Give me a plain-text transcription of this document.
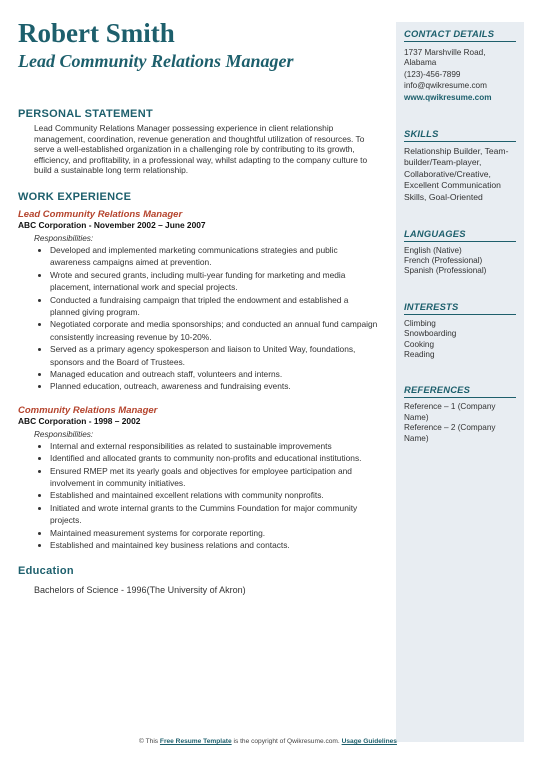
Robert Smith
Lead Community Relations Manager
PERSONAL STATEMENT
Lead Community Relations Manager possessing experience in client relationship management, coordination, revenue generation and thoughtful utilization of resources. To serve a well-established organization in a challenging role by contributing to its growth, efficiency, and profitability, in a professional way, whilst adapting to the company culture to build a sustainable long term relationship.
WORK EXPERIENCE
Lead Community Relations Manager
ABC Corporation - November 2002 – June 2007
Responsibilities:
• Developed and implemented marketing communications strategies and public awareness campaigns aimed at prevention.
• Wrote and secured grants, including multi-year funding for marketing and media placement, international work and special projects.
• Conducted a fundraising campaign that tripled the endowment and established a planned giving program.
• Negotiated corporate and media sponsorships; and conducted an annual fund campaign consistently increasing revenue by 10-20%.
• Served as a primary agency spokesperson and liaison to United Way, foundations, sponsors and the Board of Trustees.
• Managed education and outreach staff, volunteers and interns.
• Planned education, outreach, awareness and fundraising events.
Community Relations Manager
ABC Corporation - 1998 – 2002
Responsibilities:
• Internal and external responsibilities as related to sustainable improvements
• Identified and allocated grants to community non-profits and educational institutions.
• Ensured RMEP met its yearly goals and objectives for employee participation and involvement in community initiatives.
• Established and maintained excellent relations with community nonprofits.
• Initiated and wrote internal grants to the Cummins Foundation for major community projects.
• Maintained measurement systems for corporate reporting.
• Established and maintained key business relations and contacts.
Education
Bachelors of Science - 1996(The University of Akron)
CONTACT DETAILS
1737 Marshville Road, Alabama
(123)-456-7899
info@qwikresume.com
www.qwikresume.com
SKILLS
Relationship Builder, Team-builder/Team-player, Collaborative/Creative, Excellent Communication Skills, Goal-Oriented
LANGUAGES
English (Native)
French (Professional)
Spanish (Professional)
INTERESTS
Climbing
Snowboarding
Cooking
Reading
REFERENCES
Reference – 1 (Company Name)
Reference – 2 (Company Name)
© This Free Resume Template is the copyright of Qwikresume.com. Usage Guidelines
